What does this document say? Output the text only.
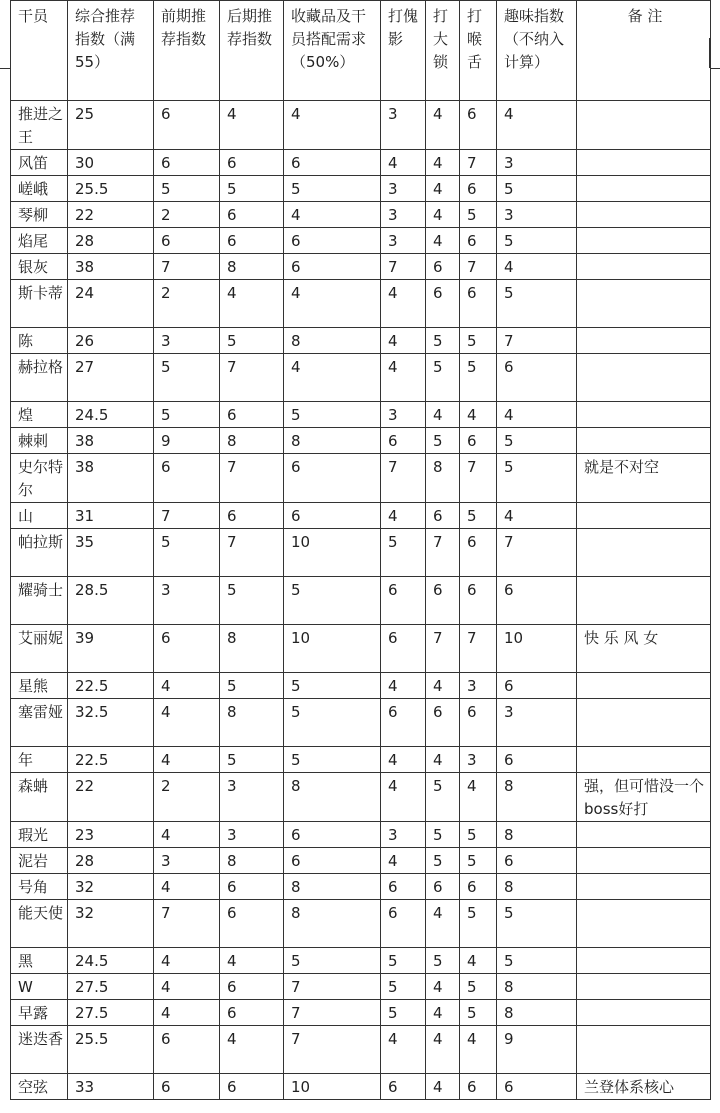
干员	综合推荐指数（满55）	前期推荐指数	后期推荐指数	收藏品及干员搭配需求（50%）	打傀影	打大锁	打喉舌	趣味指数（不纳入计算）	备 注
推进之王	25	6	4	4	3	4	6	4	
风笛	30	6	6	6	4	4	7	3	
嵯峨	25.5	5	5	5	3	4	6	5	
琴柳	22	2	6	4	3	4	5	3	
焰尾	28	6	6	6	3	4	6	5	
银灰	38	7	8	6	7	6	7	4	
斯卡蒂	24	2	4	4	4	6	6	5	
陈	26	3	5	8	4	5	5	7	
赫拉格	27	5	7	4	4	5	5	6	
煌	24.5	5	6	5	3	4	4	4	
棘刺	38	9	8	8	6	5	6	5	
史尔特尔	38	6	7	6	7	8	7	5	就是不对空
山	31	7	6	6	4	6	5	4	
帕拉斯	35	5	7	10	5	7	6	7	
耀骑士	28.5	3	5	5	6	6	6	6	
艾丽妮	39	6	8	10	6	7	7	10	快 乐 风 女
星熊	22.5	4	5	5	4	4	3	6	
塞雷娅	32.5	4	8	5	6	6	6	3	
年	22.5	4	5	5	4	4	3	6	
森蚺	22	2	3	8	4	5	4	8	强，但可惜没一个boss好打
瑕光	23	4	3	6	3	5	5	8	
泥岩	28	3	8	6	4	5	5	6	
号角	32	4	6	8	6	6	6	8	
能天使	32	7	6	8	6	4	5	5	
黑	24.5	4	4	5	5	5	4	5	
W	27.5	4	6	7	5	4	5	8	
早露	27.5	4	6	7	5	4	5	8	
迷迭香	25.5	6	4	7	4	4	4	9	
空弦	33	6	6	10	6	4	6	6	兰登体系核心
